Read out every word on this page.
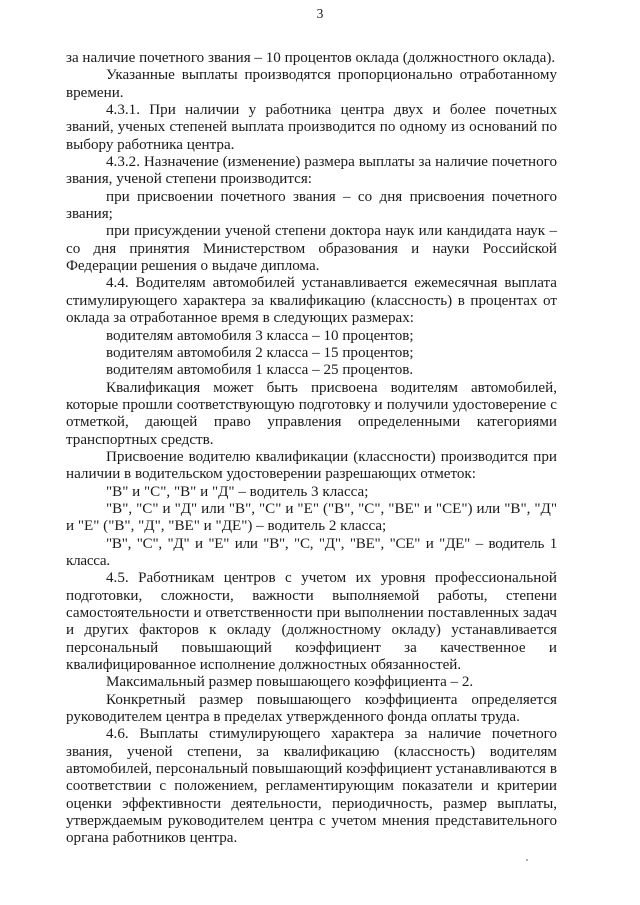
3

за наличие почетного звания – 10 процентов оклада (должностного оклада).

Указанные выплаты производятся пропорционально отработанному времени.

4.3.1. При наличии у работника центра двух и более почетных званий, ученых степеней выплата производится по одному из оснований по выбору работника центра.

4.3.2. Назначение (изменение) размера выплаты за наличие почетного звания, ученой степени производится:

при присвоении почетного звания – со дня присвоения почетного звания;

при присуждении ученой степени доктора наук или кандидата наук – со дня принятия Министерством образования и науки Российской Федерации решения о выдаче диплома.

4.4. Водителям автомобилей устанавливается ежемесячная выплата стимулирующего характера за квалификацию (классность) в процентах от оклада за отработанное время в следующих размерах:

водителям автомобиля 3 класса – 10 процентов;

водителям автомобиля 2 класса – 15 процентов;

водителям автомобиля 1 класса – 25 процентов.

Квалификация может быть присвоена водителям автомобилей, которые прошли соответствующую подготовку и получили удостоверение с отметкой, дающей право управления определенными категориями транспортных средств.

Присвоение водителю квалификации (классности) производится при наличии в водительском удостоверении разрешающих отметок:

"В" и "С", "В" и "Д" – водитель 3 класса;

"В", "С" и "Д" или "В", "С" и "Е" ("В", "С", "ВЕ" и "СЕ") или "В", "Д" и "Е" ("В", "Д", "ВЕ" и "ДЕ") – водитель 2 класса;

"В", "С", "Д" и "Е" или "В", "С, "Д", "ВЕ", "СЕ" и "ДЕ" – водитель 1 класса.

4.5. Работникам центров с учетом их уровня профессиональной подготовки, сложности, важности выполняемой работы, степени самостоятельности и ответственности при выполнении поставленных задач и других факторов к окладу (должностному окладу) устанавливается персональный повышающий коэффициент за качественное и квалифицированное исполнение должностных обязанностей.

Максимальный размер повышающего коэффициента – 2.

Конкретный размер повышающего коэффициента определяется руководителем центра в пределах утвержденного фонда оплаты труда.

4.6. Выплаты стимулирующего характера за наличие почетного звания, ученой степени, за квалификацию (классность) водителям автомобилей, персональный повышающий коэффициент устанавливаются в соответствии с положением, регламентирующим показатели и критерии оценки эффективности деятельности, периодичность, размер выплаты, утверждаемым руководителем центра с учетом мнения представительного органа работников центра.
